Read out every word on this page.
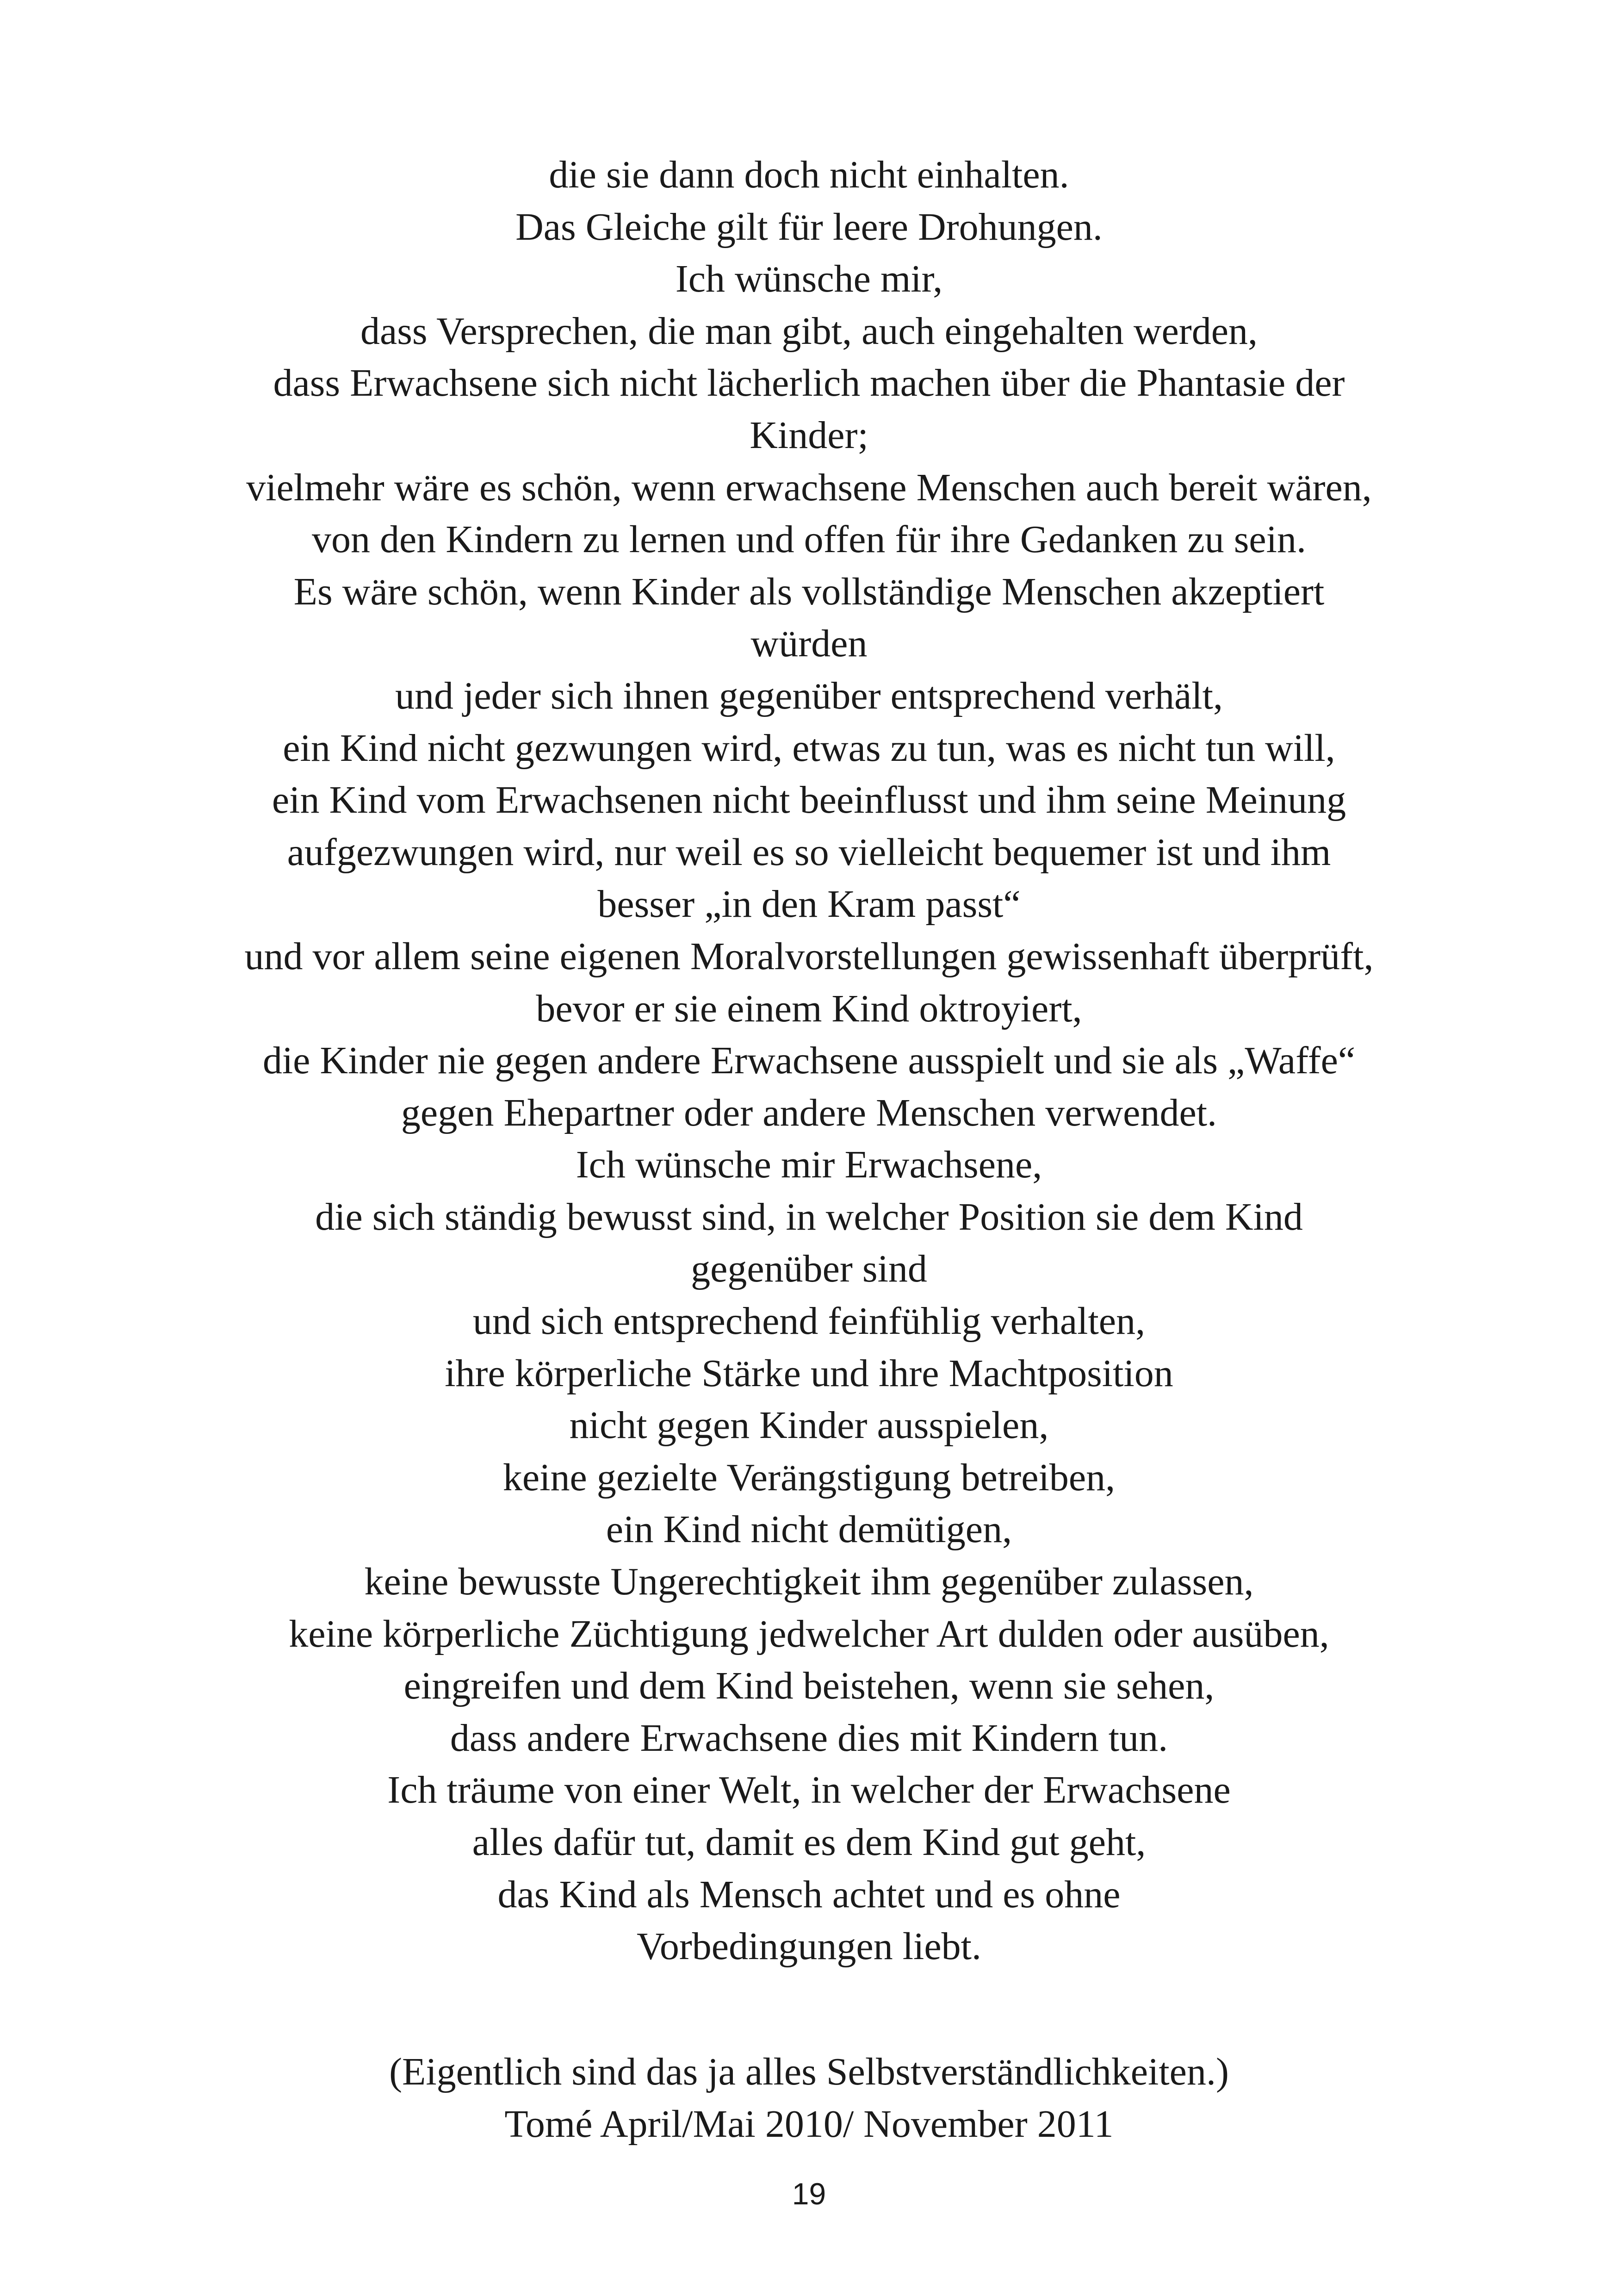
die sie dann doch nicht einhalten.
Das Gleiche gilt für leere Drohungen.
Ich wünsche mir,
dass Versprechen, die man gibt, auch eingehalten werden,
dass Erwachsene sich nicht lächerlich machen über die Phantasie der
Kinder;
vielmehr wäre es schön, wenn erwachsene Menschen auch bereit wären,
von den Kindern zu lernen und offen für ihre Gedanken zu sein.
Es wäre schön, wenn Kinder als vollständige Menschen akzeptiert
würden
und jeder sich ihnen gegenüber entsprechend verhält,
ein Kind nicht gezwungen wird, etwas zu tun, was es nicht tun will,
ein Kind vom Erwachsenen nicht beeinflusst und ihm seine Meinung
aufgezwungen wird, nur weil es so vielleicht bequemer ist und ihm
besser „in den Kram passt“
und vor allem seine eigenen Moralvorstellungen gewissenhaft überprüft,
bevor er sie einem Kind oktroyiert,
die Kinder nie gegen andere Erwachsene ausspielt und sie als „Waffe“
gegen Ehepartner oder andere Menschen verwendet.
Ich wünsche mir Erwachsene,
die sich ständig bewusst sind, in welcher Position sie dem Kind
gegenüber sind
und sich entsprechend feinfühlig verhalten,
ihre körperliche Stärke und ihre Machtposition
nicht gegen Kinder ausspielen,
keine gezielte Verängstigung betreiben,
ein Kind nicht demütigen,
keine bewusste Ungerechtigkeit ihm gegenüber zulassen,
keine körperliche Züchtigung jedwelcher Art dulden oder ausüben,
eingreifen und dem Kind beistehen, wenn sie sehen,
dass andere Erwachsene dies mit Kindern tun.
Ich träume von einer Welt, in welcher der Erwachsene
alles dafür tut, damit es dem Kind gut geht,
das Kind als Mensch achtet und es ohne
Vorbedingungen liebt.
(Eigentlich sind das ja alles Selbstverständlichkeiten.)
Tomé April/Mai 2010/ November 2011
19
